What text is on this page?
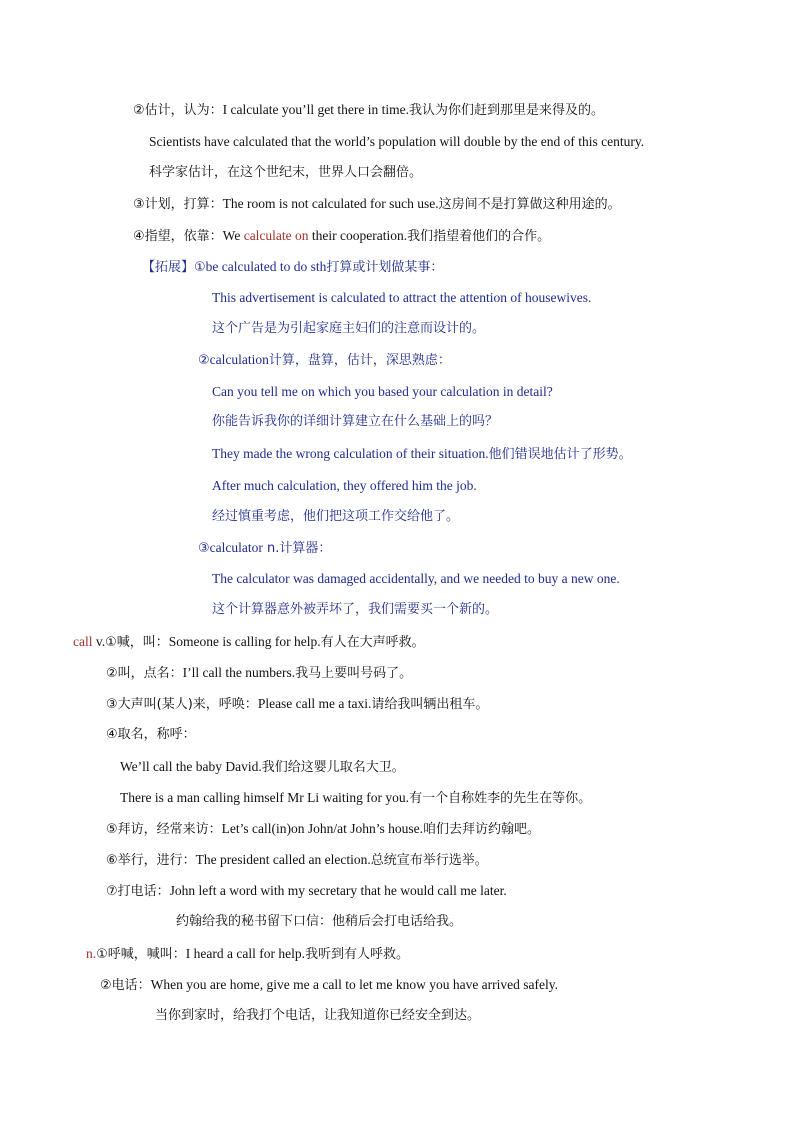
②估计，认为：I calculate you’ll get there in time.我认为你们赶到那里是来得及的。
Scientists have calculated that the world’s population will double by the end of this century.
科学家估计，在这个世纪末，世界人口会翻倍。
③计划，打算：The room is not calculated for such use.这房间不是打算做这种用途的。
④指望，依靠：We calculate on their cooperation.我们指望着他们的合作。
【拓展】①be calculated to do sth打算或计划做某事：
This advertisement is calculated to attract the attention of housewives.
这个广告是为引起家庭主妇们的注意而设计的。
②calculation计算，盘算，估计，深思熟虑：
Can you tell me on which you based your calculation in detail?
你能告诉我你的详细计算建立在什么基础上的吗？
They made the wrong calculation of their situation.他们错误地估计了形势。
After much calculation, they offered him the job.
经过慎重考虑，他们把这项工作交给他了。
③calculator n.计算器：
The calculator was damaged accidentally, and we needed to buy a new one.
这个计算器意外被弄坏了，我们需要买一个新的。
call v.①喊，叫：Someone is calling for help.有人在大声呼救。
②叫，点名：I’ll call the numbers.我马上要叫号码了。
③大声叫(某人)来，呼唤：Please call me a taxi.请给我叫辆出租车。
④取名，称呼：
We’ll call the baby David.我们给这婴儿取名大卫。
There is a man calling himself Mr Li waiting for you.有一个自称姓李的先生在等你。
⑤拜访，经常来访：Let’s call(in)on John/at John’s house.咱们去拜访约翰吧。
⑥举行，进行：The president called an election.总统宣布举行选举。
⑦打电话：John left a word with my secretary that he would call me later.
约翰给我的秘书留下口信：他稍后会打电话给我。
n.①呼喊，喊叫：I heard a call for help.我听到有人呼救。
②电话：When you are home, give me a call to let me know you have arrived safely.
当你到家时，给我打个电话，让我知道你已经安全到达。
